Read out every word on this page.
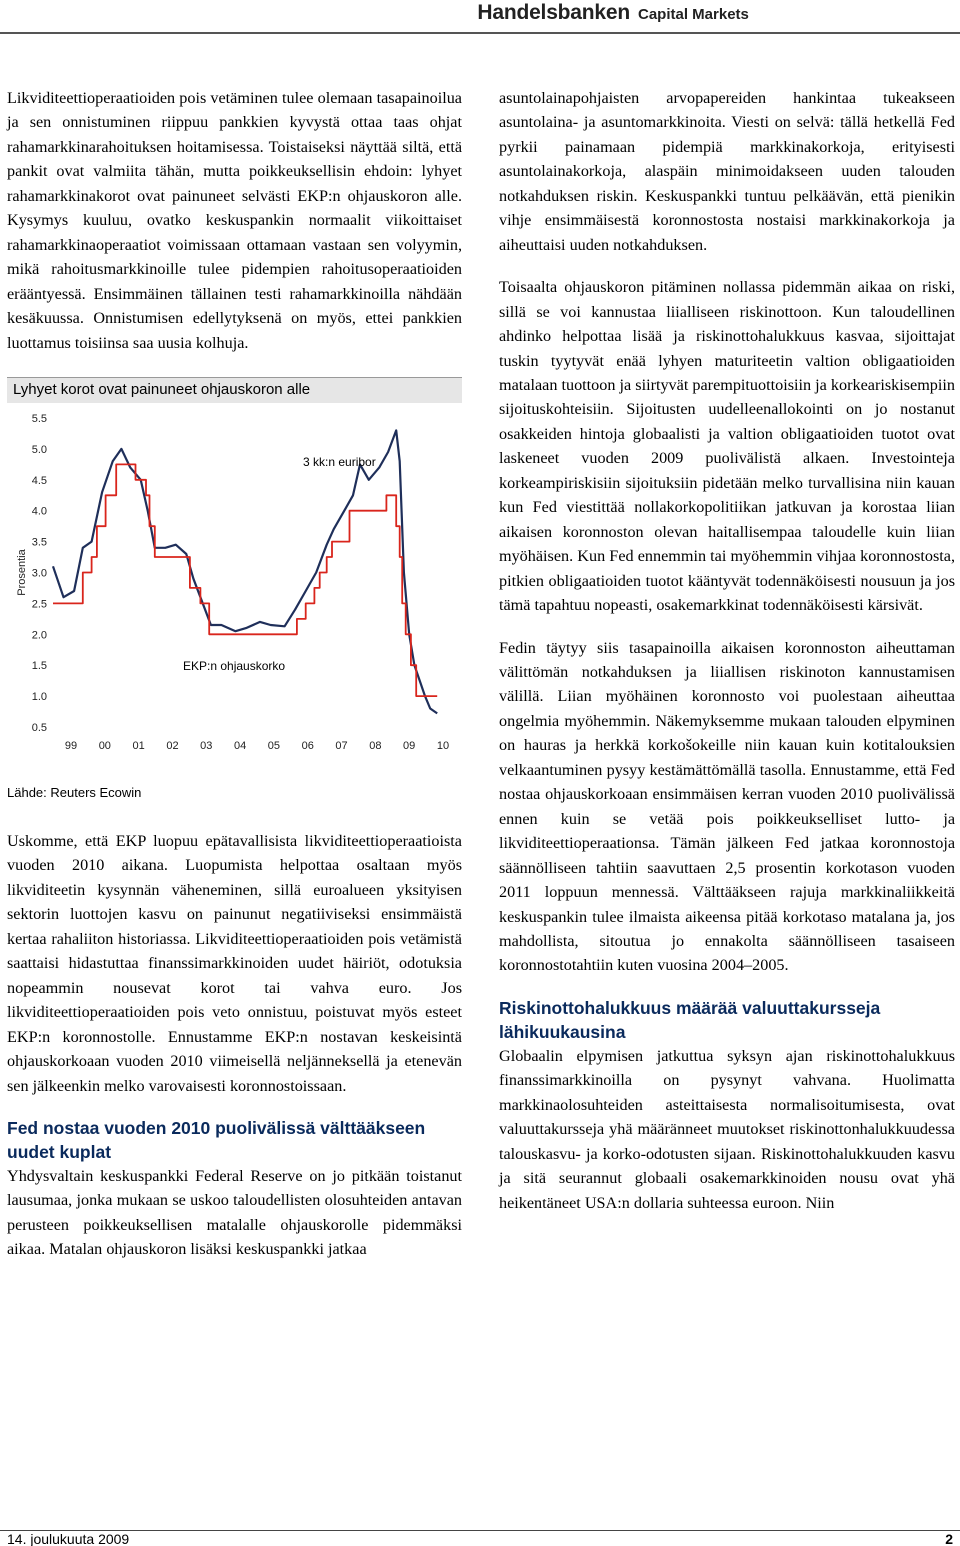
Handelsbanken Capital Markets

Likviditeettioperaatioiden pois vetäminen tulee olemaan tasapainoilua ja sen onnistuminen riippuu pankkien kyvystä ottaa taas ohjat rahamarkkinarahoituksen hoitamisessa. Toistaiseksi näyttää siltä, että pankit ovat valmiita tähän, mutta poikkeuksellisin ehdoin: lyhyet rahamarkkinakorot ovat painuneet selvästi EKP:n ohjauskoron alle. Kysymys kuuluu, ovatko keskuspankin normaalit viikoittaiset rahamarkkinaoperaatiot voimissaan ottamaan vastaan sen volyymin, mikä rahoitusmarkkinoille tulee pidempien rahoitusoperaatioiden erääntyessä. Ensimmäinen tällainen testi rahamarkkinoilla nähdään kesäkuussa. Onnistumisen edellytyksenä on myös, ettei pankkien luottamus toisiinsa saa uusia kolhuja.

Lyhyet korot ovat painuneet ohjauskoron alle
5.5
5.0
4.5
4.0
3.5
3.0
2.5
2.0
1.5
1.0
0.5
99 00 01 02 03 04 05 06 07 08 09 10
Prosentia
3 kk:n euribor
EKP:n ohjauskorko
Lähde: Reuters Ecowin

Uskomme, että EKP luopuu epätavallisista likviditeettioperaatioista vuoden 2010 aikana. Luopumista helpottaa osaltaan myös likviditeetin kysynnän väheneminen, sillä euroalueen yksityisen sektorin luottojen kasvu on painunut negatiiviseksi ensimmäistä kertaa rahaliiton historiassa. Likviditeettioperaatioiden pois vetämistä saattaisi hidastuttaa finanssimarkkinoiden uudet häiriöt, odotuksia nopeammin nousevat korot tai vahva euro. Jos likviditeettioperaatioiden pois veto onnistuu, poistuvat myös esteet EKP:n koronnostolle. Ennustamme EKP:n nostavan keskeisintä ohjauskorkoaan vuoden 2010 viimeisellä neljänneksellä ja etenevän sen jälkeenkin melko varovaisesti koronnostoissaan.

Fed nostaa vuoden 2010 puolivälissä välttääkseen uudet kuplat

Yhdysvaltain keskuspankki Federal Reserve on jo pitkään toistanut lausumaa, jonka mukaan se uskoo taloudellisten olosuhteiden antavan perusteen poikkeuksellisen matalalle ohjauskorolle pidemmäksi aikaa. Matalan ohjauskoron lisäksi keskuspankki jatkaa

asuntolainapohjaisten arvopapereiden hankintaa tukeakseen asuntolaina- ja asuntomarkkinoita. Viesti on selvä: tällä hetkellä Fed pyrkii painamaan pidempiä markkinakorkoja, erityisesti asuntolainakorkoja, alaspäin minimoidakseen uuden talouden notkahduksen riskin. Keskuspankki tuntuu pelkäävän, että pienikin vihje ensimmäisestä koronnostosta nostaisi markkinakorkoja ja aiheuttaisi uuden notkahduksen.

Toisaalta ohjauskoron pitäminen nollassa pidemmän aikaa on riski, sillä se voi kannustaa liialliseen riskinottoon. Kun taloudellinen ahdinko helpottaa lisää ja riskinottohalukkuus kasvaa, sijoittajat tuskin tyytyvät enää lyhyen maturiteetin valtion obligaatioiden matalaan tuottoon ja siirtyvät parempituottoisiin ja korkeariskisempiin sijoituskohteisiin. Sijoitusten uudelleenallokointi on jo nostanut osakkeiden hintoja globaalisti ja valtion obligaatioiden tuotot ovat laskeneet vuoden 2009 puolivälistä alkaen. Investointeja korkeampiriskisiin sijoituksiin pidetään melko turvallisina niin kauan kun Fed viestittää nollakorkopolitiikan jatkuvan ja korostaa liian aikaisen koronnoston olevan haitallisempaa taloudelle kuin liian myöhäisen. Kun Fed ennemmin tai myöhemmin vihjaa koronnostosta, pitkien obligaatioiden tuotot kääntyvät todennäköisesti nousuun ja jos tämä tapahtuu nopeasti, osakemarkkinat todennäköisesti kärsivät.

Fedin täytyy siis tasapainoilla aikaisen koronnoston aiheuttaman välittömän notkahduksen ja liiallisen riskinoton kannustamisen välillä. Liian myöhäinen koronnosto voi puolestaan aiheuttaa ongelmia myöhemmin. Näkemyksemme mukaan talouden elpyminen on hauras ja herkkä korkošokeille niin kauan kuin kotitalouksien velkaantuminen pysyy kestämättömällä tasolla. Ennustamme, että Fed nostaa ohjauskorkoaan ensimmäisen kerran vuoden 2010 puolivälissä ennen kuin se vetää pois poikkeukselliset lutto- ja likviditeettioperaationsa. Tämän jälkeen Fed jatkaa koronnostoja säännölliseen tahtiin saavuttaen 2,5 prosentin korkotason vuoden 2011 loppuun mennessä. Välttääkseen rajuja markkinaliikkeitä keskuspankin tulee ilmaista aikeensa pitää korkotaso matalana ja, jos mahdollista, sitoutua jo ennakolta säännölliseen tasaiseen koronnostotahtiin kuten vuosina 2004–2005.

Riskinottohalukkuus määrää valuuttakursseja lähikuukausina

Globaalin elpymisen jatkuttua syksyn ajan riskinottohalukkuus finanssimarkkinoilla on pysynyt vahvana. Huolimatta markkinaolosuhteiden asteittaisesta normalisoitumisesta, ovat valuuttakursseja yhä määränneet muutokset riskinottonhalukkuudessa talouskasvu- ja korko-odotusten sijaan. Riskinottohalukkuuden kasvu ja sitä seurannut globaali osakemarkkinoiden nousu ovat yhä heikentäneet USA:n dollaria suhteessa euroon. Niin

14. joulukuuta 2009	2
